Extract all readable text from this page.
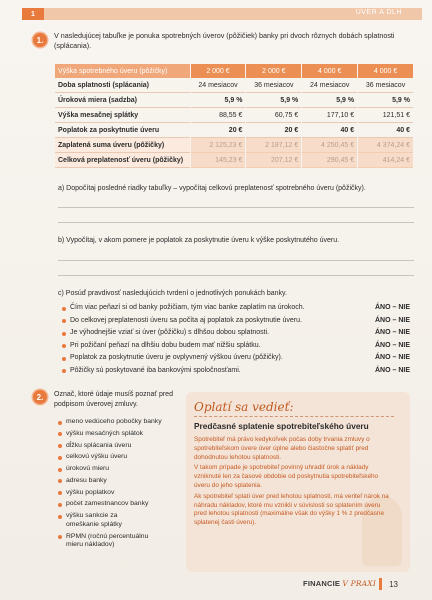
1	ÚVER A DLH
1.	V nasledujúcej tabuľke je ponuka spotrebných úverov (pôžičiek) banky pri dvoch rôznych dobách splatnosti (splácania).
Výška spotrebného úveru (pôžičky)	2 000 €	2 000 €	4 000 €	4 000 €
Doba splatnosti (splácania)	24 mesiacov	36 mesiacov	24 mesiacov	36 mesiacov
Úroková miera (sadzba)	5,9 %	5,9 %	5,9 %	5,9 %
Výška mesačnej splátky	88,55 €	60,75 €	177,10 €	121,51 €
Poplatok za poskytnutie úveru	20 €	20 €	40 €	40 €
Zaplatená suma úveru (pôžičky)	2 125,23 €	2 187,12 €	4 250,45 €	4 374,24 €
Celková preplatenosť úveru (pôžičky)	145,23 €	207,12 €	290,45 €	414,24 €
a) Dopočítaj posledné riadky tabuľky – vypočítaj celkovú preplatenosť spotrebného úveru (pôžičky).
b) Vypočítaj, v akom pomere je poplatok za poskytnutie úveru k výške poskytnutého úveru.
c) Posúď pravdivosť nasledujúcich tvrdení o jednotlivých ponukách banky.
Čím viac peňazí si od banky požičiam, tým viac banke zaplatím na úrokoch.	ÁNO – NIE
Do celkovej preplatenosti úveru sa počíta aj poplatok za poskytnutie úveru.	ÁNO – NIE
Je výhodnejšie vziať si úver (pôžičku) s dlhšou dobou splatnosti.	ÁNO – NIE
Pri požičaní peňazí na dlhšiu dobu budem mať nižšiu splátku.	ÁNO – NIE
Poplatok za poskytnutie úveru je ovplyvnený výškou úveru (pôžičky).	ÁNO – NIE
Pôžičky sú poskytované iba bankovými spoločnosťami.	ÁNO – NIE
2.	Označ, ktoré údaje musíš poznať pred podpisom úverovej zmluvy.
meno vedúceho pobočky banky
výšku mesačných splátok
dĺžku splácania úveru
celkovú výšku úveru
úrokovú mieru
adresu banky
výšku poplatkov
počet zamestnancov banky
výšku sankcie za omeškanie splátky
RPMN (ročnú percentuálnu mieru nákladov)
Oplatí sa vedieť:
Predčasné splatenie spotrebiteľského úveru

Spotrebiteľ má právo kedykoľvek počas doby trvania zmluvy o spotrebiteľskom úvere úver úplne alebo čiastočne splatiť pred dohodnutou lehotou splatnosti.

V takom prípade je spotrebiteľ povinný uhradiť úrok a náklady vzniknuté len za časové obdobie od poskytnutia spotrebiteľského úveru do jeho splatenia.

Ak spotrebiteľ splatí úver pred lehotou splatnosti, má veriteľ nárok na náhradu nákladov, ktoré mu vznikli v súvislosti so splatením úveru pred lehotou splatnosti (maximálne však do výšky 1 % z predčasne splatenej časti úveru).

FINANCIE V PRAXI 13
